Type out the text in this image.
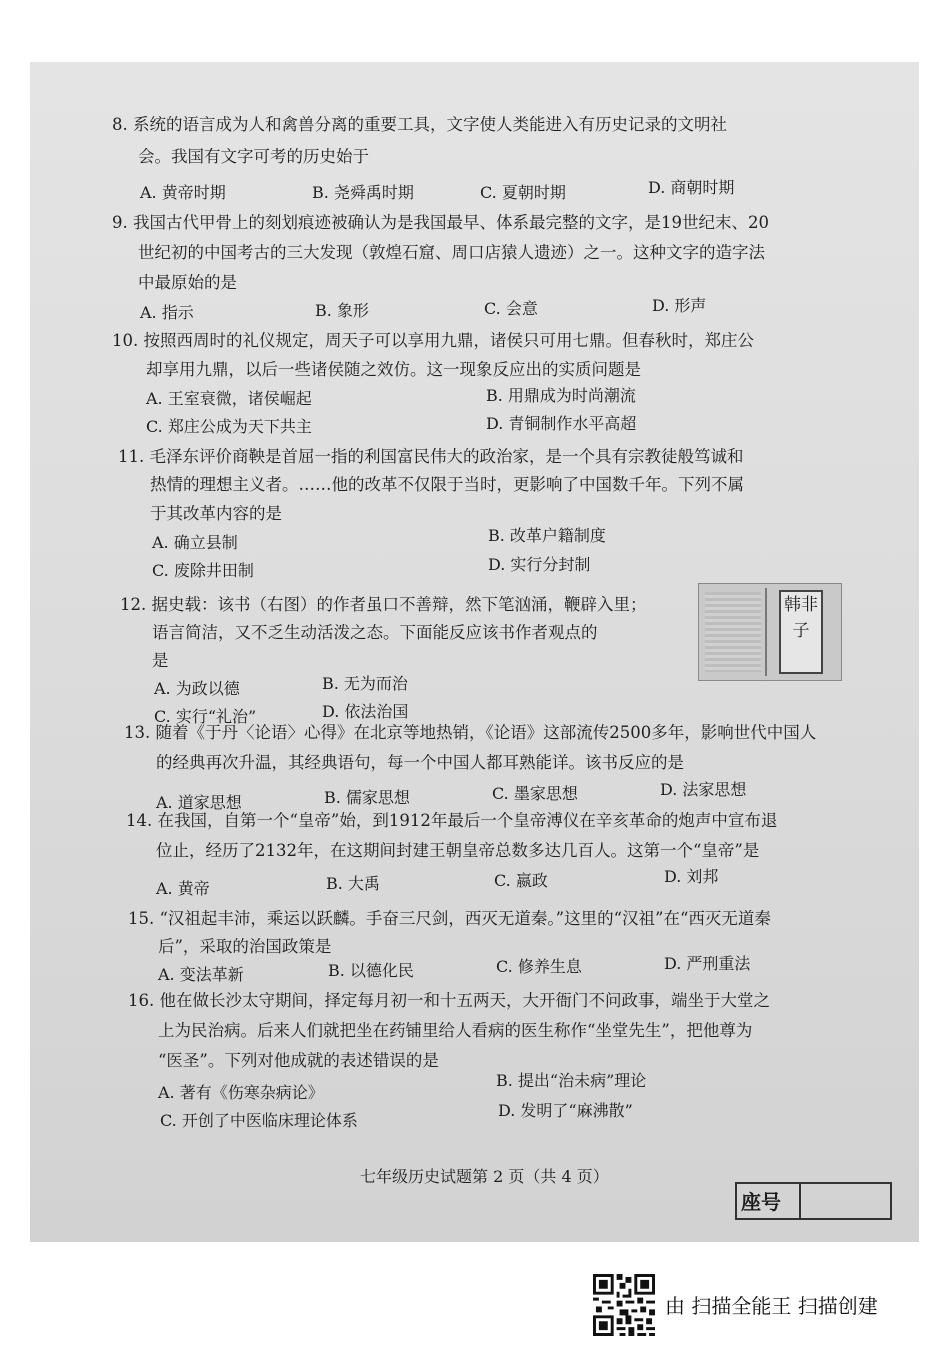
8. 系统的语言成为人和禽兽分离的重要工具，文字使人类能进入有历史记录的文明社
会。我国有文字可考的历史始于
A. 黄帝时期	B. 尧舜禹时期	C. 夏朝时期	D. 商朝时期
9. 我国古代甲骨上的刻划痕迹被确认为是我国最早、体系最完整的文字，是19世纪末、20
世纪初的中国考古的三大发现（敦煌石窟、周口店猿人遗迹）之一。这种文字的造字法
中最原始的是
A. 指示	B. 象形	C. 会意	D. 形声
10. 按照西周时的礼仪规定，周天子可以享用九鼎，诸侯只可用七鼎。但春秋时，郑庄公
却享用九鼎，以后一些诸侯随之效仿。这一现象反应出的实质问题是
A. 王室衰微，诸侯崛起	B. 用鼎成为时尚潮流
C. 郑庄公成为天下共主	D. 青铜制作水平高超
11. 毛泽东评价商鞅是首屈一指的利国富民伟大的政治家，是一个具有宗教徒般笃诚和
热情的理想主义者。……他的改革不仅限于当时，更影响了中国数千年。下列不属
于其改革内容的是
A. 确立县制	B. 改革户籍制度
C. 废除井田制	D. 实行分封制
12. 据史载：该书（右图）的作者虽口不善辩，然下笔汹涌，鞭辟入里；
语言简洁，又不乏生动活泼之态。下面能反应该书作者观点的
是
A. 为政以德	B. 无为而治
C. 实行“礼治”	D. 依法治国
韩非子
13. 随着《于丹〈论语〉心得》在北京等地热销，《论语》这部流传2500多年，影响世代中国人
的经典再次升温，其经典语句，每一个中国人都耳熟能详。该书反应的是
A. 道家思想	B. 儒家思想	C. 墨家思想	D. 法家思想
14. 在我国，自第一个“皇帝”始，到1912年最后一个皇帝溥仪在辛亥革命的炮声中宣布退
位止，经历了2132年，在这期间封建王朝皇帝总数多达几百人。这第一个“皇帝”是
A. 黄帝	B. 大禹	C. 嬴政	D. 刘邦
15. “汉祖起丰沛，乘运以跃麟。手奋三尺剑，西灭无道秦。”这里的“汉祖”在“西灭无道秦
后”，采取的治国政策是
A. 变法革新	B. 以德化民	C. 修养生息	D. 严刑重法
16. 他在做长沙太守期间，择定每月初一和十五两天，大开衙门不问政事，端坐于大堂之
上为民治病。后来人们就把坐在药铺里给人看病的医生称作“坐堂先生”，把他尊为
“医圣”。下列对他成就的表述错误的是
A. 著有《伤寒杂病论》
B. 提出“治未病”理论
C. 开创了中医临床理论体系
D. 发明了“麻沸散”
七年级历史试题第 2 页（共 4 页）
座号
由 扫描全能王 扫描创建
